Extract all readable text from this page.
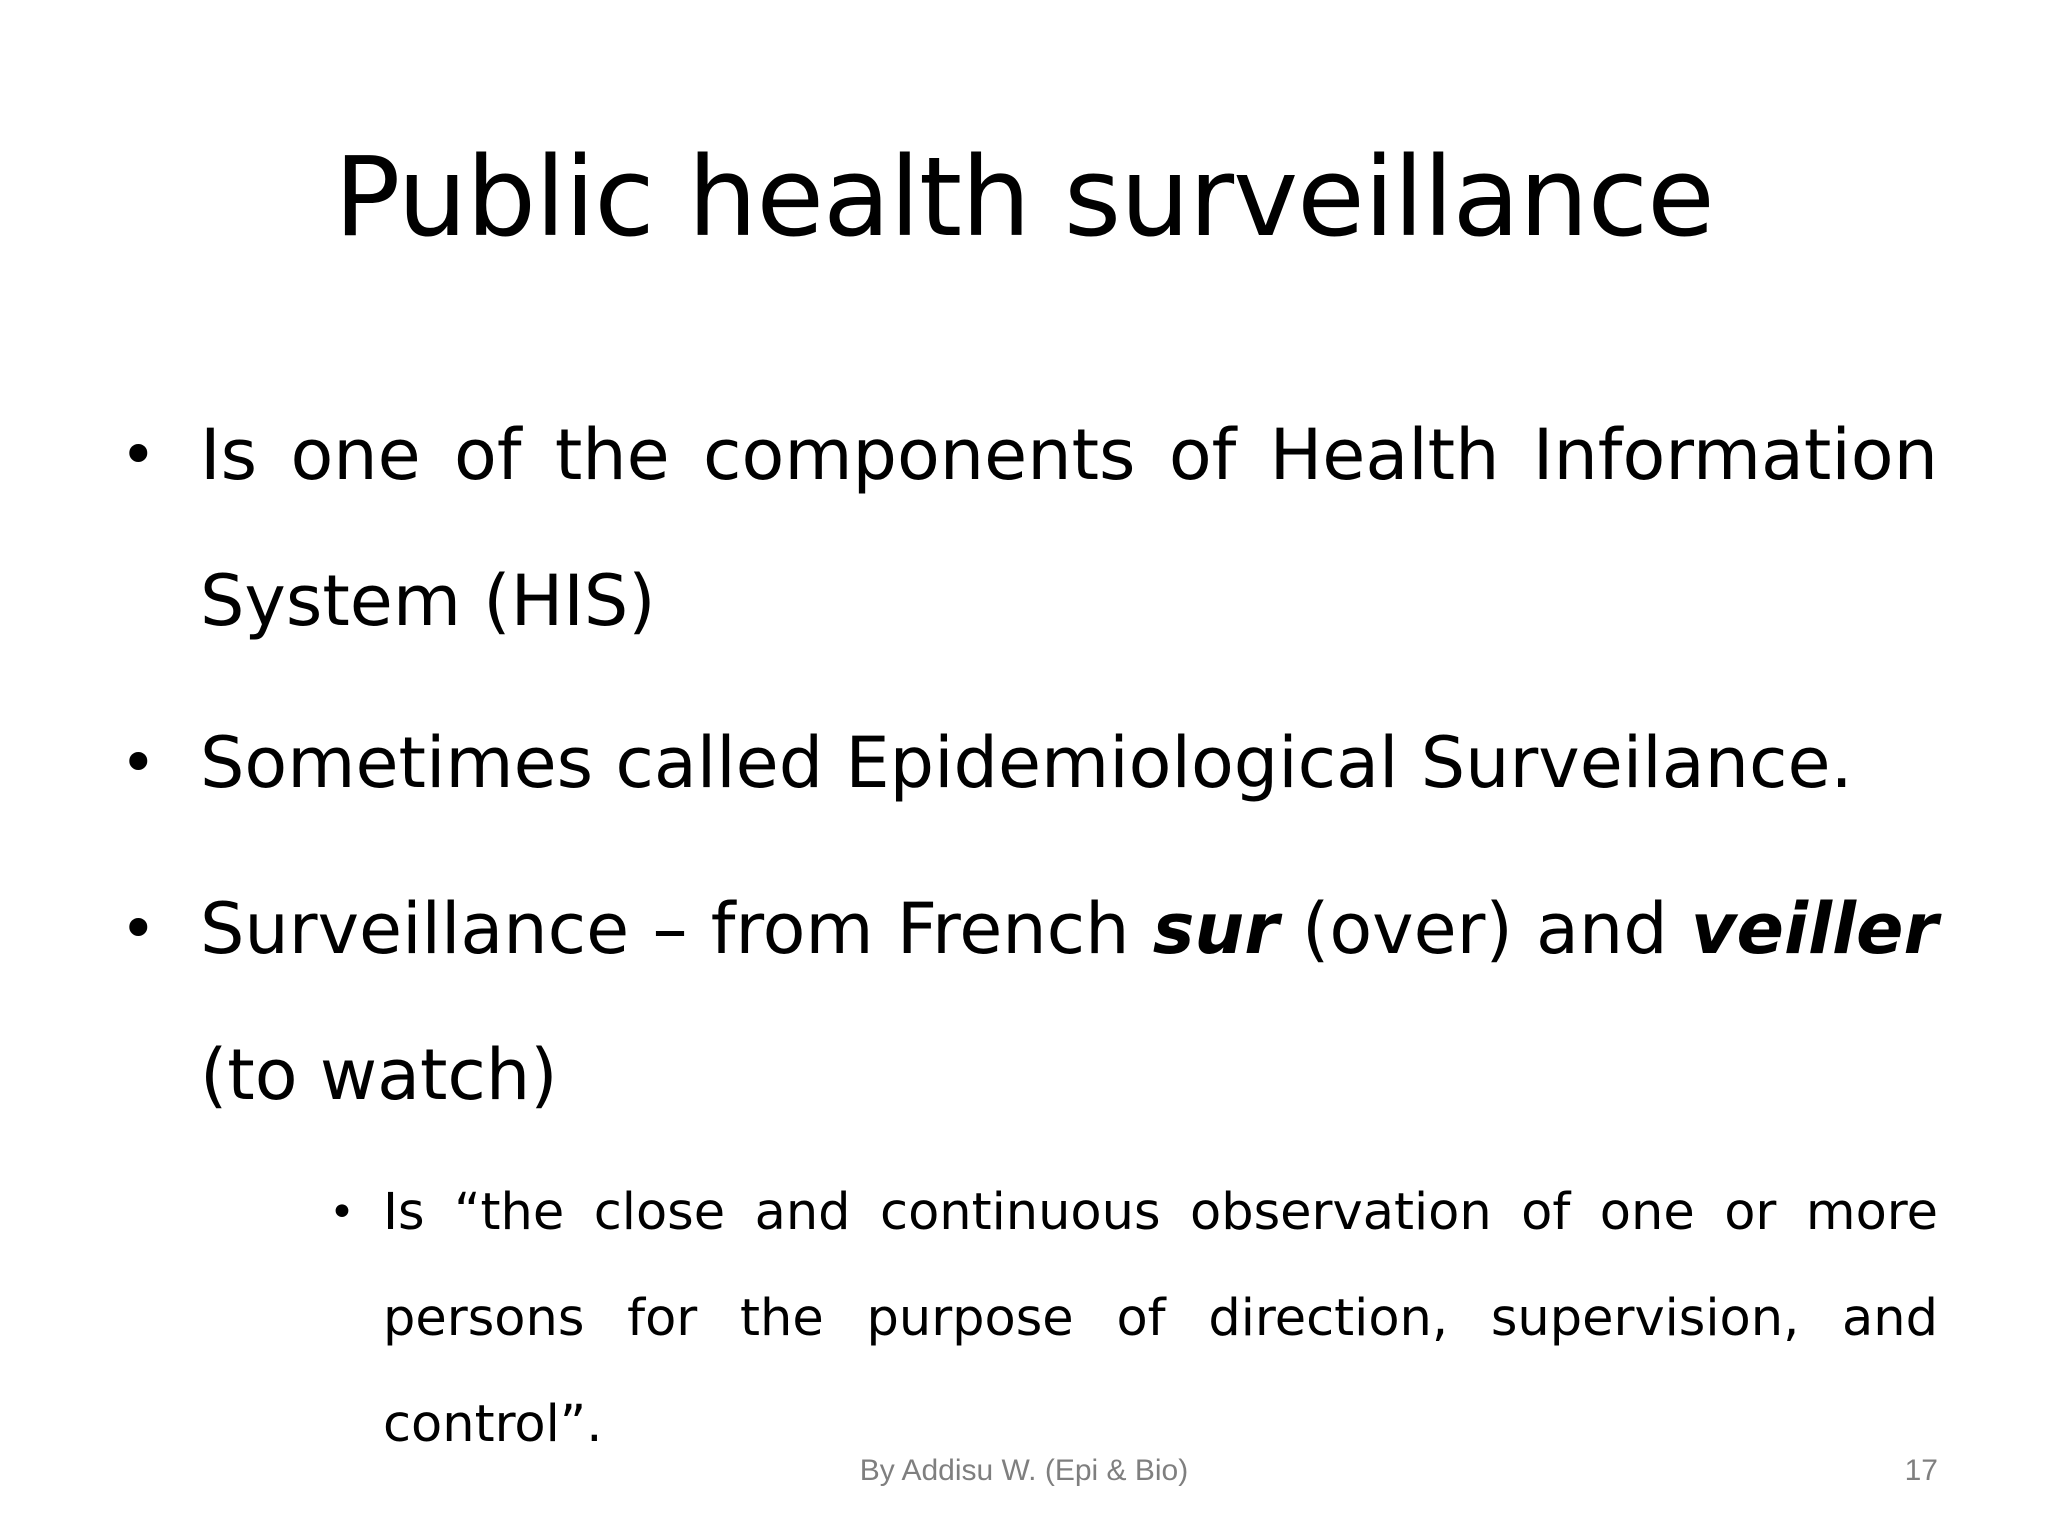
Public health surveillance
• Is one of the components of Health Information System (HIS)
• Sometimes called Epidemiological Surveilance.
• Surveillance – from French sur (over) and veiller (to watch)
• Is “the close and continuous observation of one or more persons for the purpose of direction, supervision, and control”.
By Addisu W. (Epi & Bio)	17
